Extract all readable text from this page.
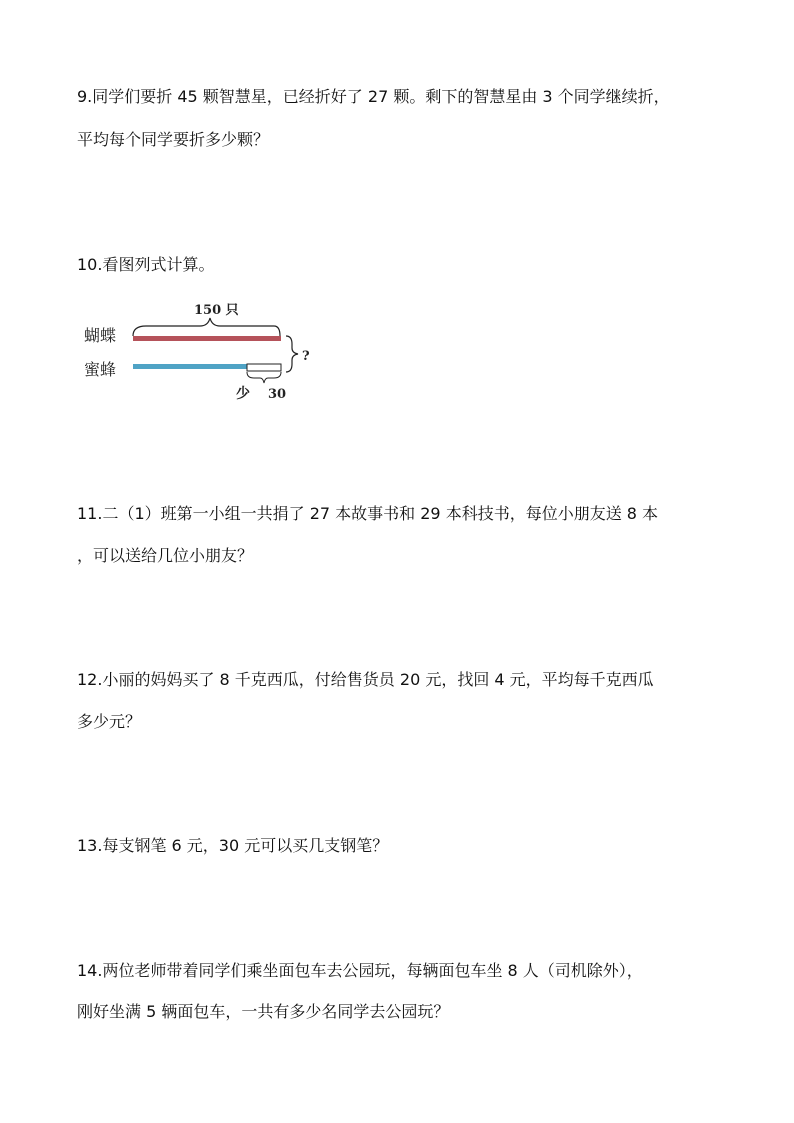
9.同学们要折 45 颗智慧星，已经折好了 27 颗。剩下的智慧星由 3 个同学继续折，
平均每个同学要折多少颗？
10.看图列式计算。
150 只
蝴蝶
蜜蜂
?
少 30
11.二（1）班第一小组一共捐了 27 本故事书和 29 本科技书，每位小朋友送 8 本
，可以送给几位小朋友？
12.小丽的妈妈买了 8 千克西瓜，付给售货员 20 元，找回 4 元，平均每千克西瓜
多少元？
13.每支钢笔 6 元，30 元可以买几支钢笔？
14.两位老师带着同学们乘坐面包车去公园玩，每辆面包车坐 8 人（司机除外），
刚好坐满 5 辆面包车，一共有多少名同学去公园玩？
